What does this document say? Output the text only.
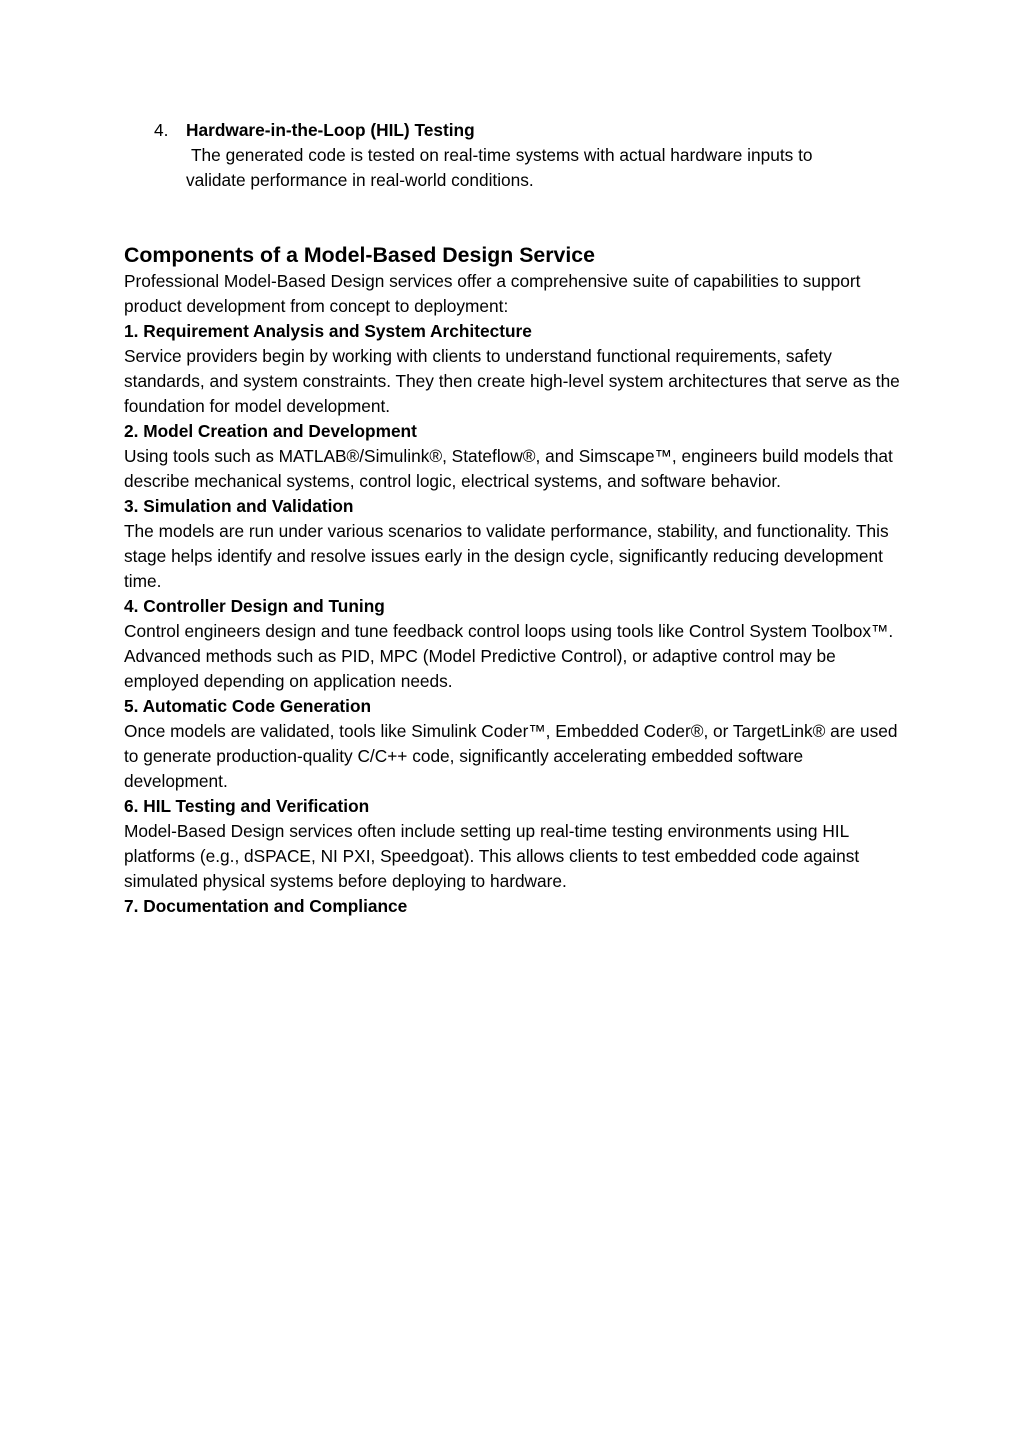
4.	Hardware-in-the-Loop (HIL) Testing
The generated code is tested on real-time systems with actual hardware inputs to
validate performance in real-world conditions.
Components of a Model-Based Design Service

Professional Model-Based Design services offer a comprehensive suite of capabilities to support product development from concept to deployment:

1. Requirement Analysis and System Architecture

Service providers begin by working with clients to understand functional requirements, safety standards, and system constraints. They then create high-level system architectures that serve as the foundation for model development.

2. Model Creation and Development

Using tools such as MATLAB®/Simulink®, Stateflow®, and Simscape™, engineers build models that describe mechanical systems, control logic, electrical systems, and software behavior.

3. Simulation and Validation

The models are run under various scenarios to validate performance, stability, and functionality. This stage helps identify and resolve issues early in the design cycle, significantly reducing development time.

4. Controller Design and Tuning

Control engineers design and tune feedback control loops using tools like Control System Toolbox™. Advanced methods such as PID, MPC (Model Predictive Control), or adaptive control may be employed depending on application needs.

5. Automatic Code Generation

Once models are validated, tools like Simulink Coder™, Embedded Coder®, or TargetLink® are used to generate production-quality C/C++ code, significantly accelerating embedded software development.

6. HIL Testing and Verification

Model-Based Design services often include setting up real-time testing environments using HIL platforms (e.g., dSPACE, NI PXI, Speedgoat). This allows clients to test embedded code against simulated physical systems before deploying to hardware.

7. Documentation and Compliance
